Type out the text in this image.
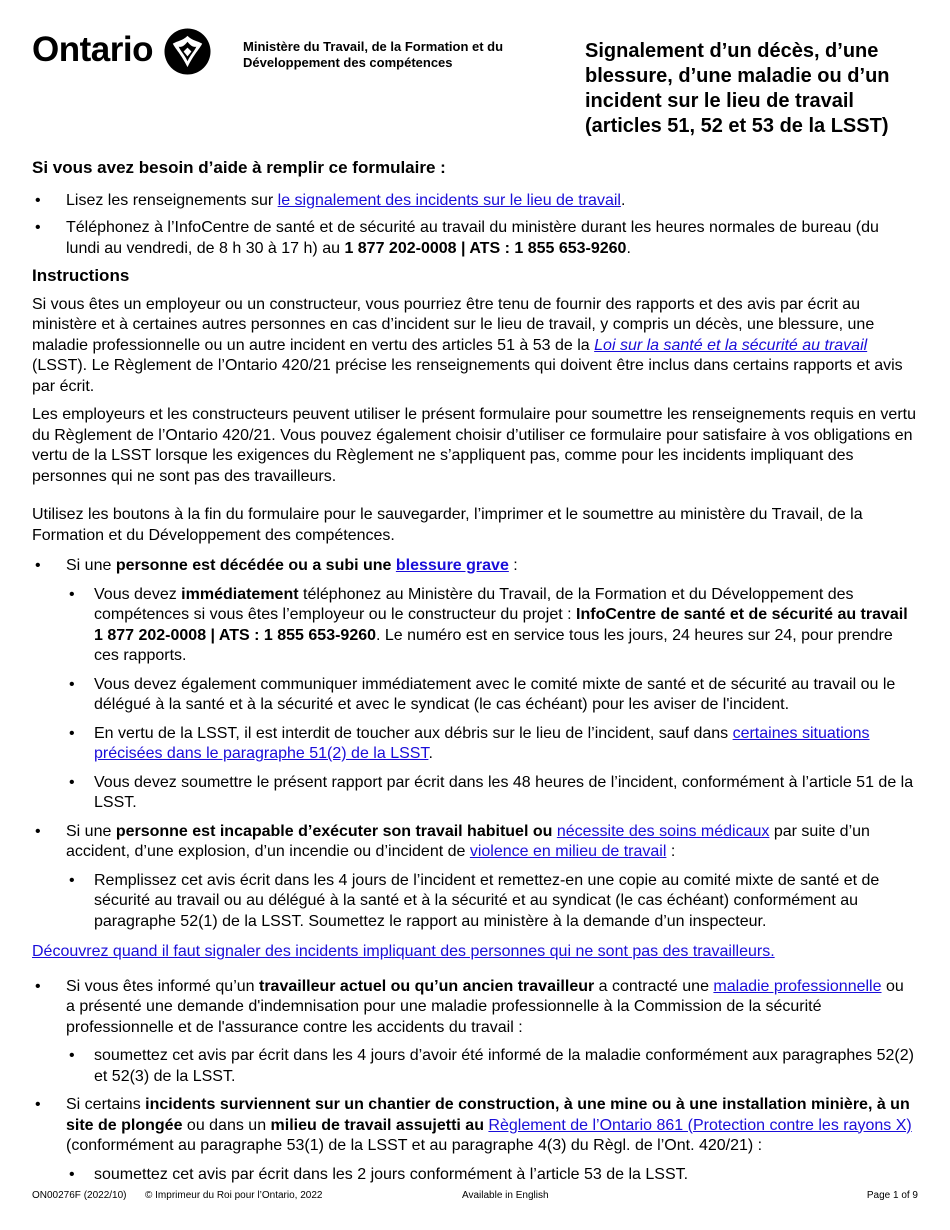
Ontario	Ministère du Travail, de la Formation et du Développement des compétences
Signalement d’un décès, d’une blessure, d’une maladie ou d’un incident sur le lieu de travail (articles 51, 52 et 53 de la LSST)
Si vous avez besoin d’aide à remplir ce formulaire :
• Lisez les renseignements sur le signalement des incidents sur le lieu de travail.
• Téléphonez à l’InfoCentre de santé et de sécurité au travail du ministère durant les heures normales de bureau (du lundi au vendredi, de 8 h 30 à 17 h) au 1 877 202-0008 | ATS : 1 855 653-9260.
Instructions

Si vous êtes un employeur ou un constructeur, vous pourriez être tenu de fournir des rapports et des avis par écrit au ministère et à certaines autres personnes en cas d’incident sur le lieu de travail, y compris un décès, une blessure, une maladie professionnelle ou un autre incident en vertu des articles 51 à 53 de la Loi sur la santé et la sécurité au travail (LSST). Le Règlement de l’Ontario 420/21 précise les renseignements qui doivent être inclus dans certains rapports et avis par écrit.

Les employeurs et les constructeurs peuvent utiliser le présent formulaire pour soumettre les renseignements requis en vertu du Règlement de l’Ontario 420/21. Vous pouvez également choisir d’utiliser ce formulaire pour satisfaire à vos obligations en vertu de la LSST lorsque les exigences du Règlement ne s’appliquent pas, comme pour les incidents impliquant des personnes qui ne sont pas des travailleurs.

Utilisez les boutons à la fin du formulaire pour le sauvegarder, l’imprimer et le soumettre au ministère du Travail, de la Formation et du Développement des compétences.

• Si une personne est décédée ou a subi une blessure grave :
• Vous devez immédiatement téléphonez au Ministère du Travail, de la Formation et du Développement des compétences si vous êtes l’employeur ou le constructeur du projet : InfoCentre de santé et de sécurité au travail 1 877 202-0008 | ATS : 1 855 653-9260. Le numéro est en service tous les jours, 24 heures sur 24, pour prendre ces rapports.
• Vous devez également communiquer immédiatement avec le comité mixte de santé et de sécurité au travail ou le délégué à la santé et à la sécurité et avec le syndicat (le cas échéant) pour les aviser de l'incident.
• En vertu de la LSST, il est interdit de toucher aux débris sur le lieu de l’incident, sauf dans certaines situations précisées dans le paragraphe 51(2) de la LSST.
• Vous devez soumettre le présent rapport par écrit dans les 48 heures de l’incident, conformément à l’article 51 de la LSST.
• Si une personne est incapable d’exécuter son travail habituel ou nécessite des soins médicaux par suite d’un accident, d’une explosion, d’un incendie ou d’incident de violence en milieu de travail :
• Remplissez cet avis écrit dans les 4 jours de l’incident et remettez-en une copie au comité mixte de santé et de sécurité au travail ou au délégué à la santé et à la sécurité et au syndicat (le cas échéant) conformément au paragraphe 52(1) de la LSST. Soumettez le rapport au ministère à la demande d’un inspecteur.
Découvrez quand il faut signaler des incidents impliquant des personnes qui ne sont pas des travailleurs.
• Si vous êtes informé qu’un travailleur actuel ou qu’un ancien travailleur a contracté une maladie professionnelle ou a présenté une demande d'indemnisation pour une maladie professionnelle à la Commission de la sécurité professionnelle et de l'assurance contre les accidents du travail :
• soumettez cet avis par écrit dans les 4 jours d’avoir été informé de la maladie conformément aux paragraphes 52(2) et 52(3) de la LSST.
• Si certains incidents surviennent sur un chantier de construction, à une mine ou à une installation minière, à un site de plongée ou dans un milieu de travail assujetti au Règlement de l’Ontario 861 (Protection contre les rayons X) (conformément au paragraphe 53(1) de la LSST et au paragraphe 4(3) du Règl. de l’Ont. 420/21) :
• soumettez cet avis par écrit dans les 2 jours conformément à l’article 53 de la LSST.
ON00276F (2022/10) © Imprimeur du Roi pour l’Ontario, 2022	Available in English	Page 1 of 9
